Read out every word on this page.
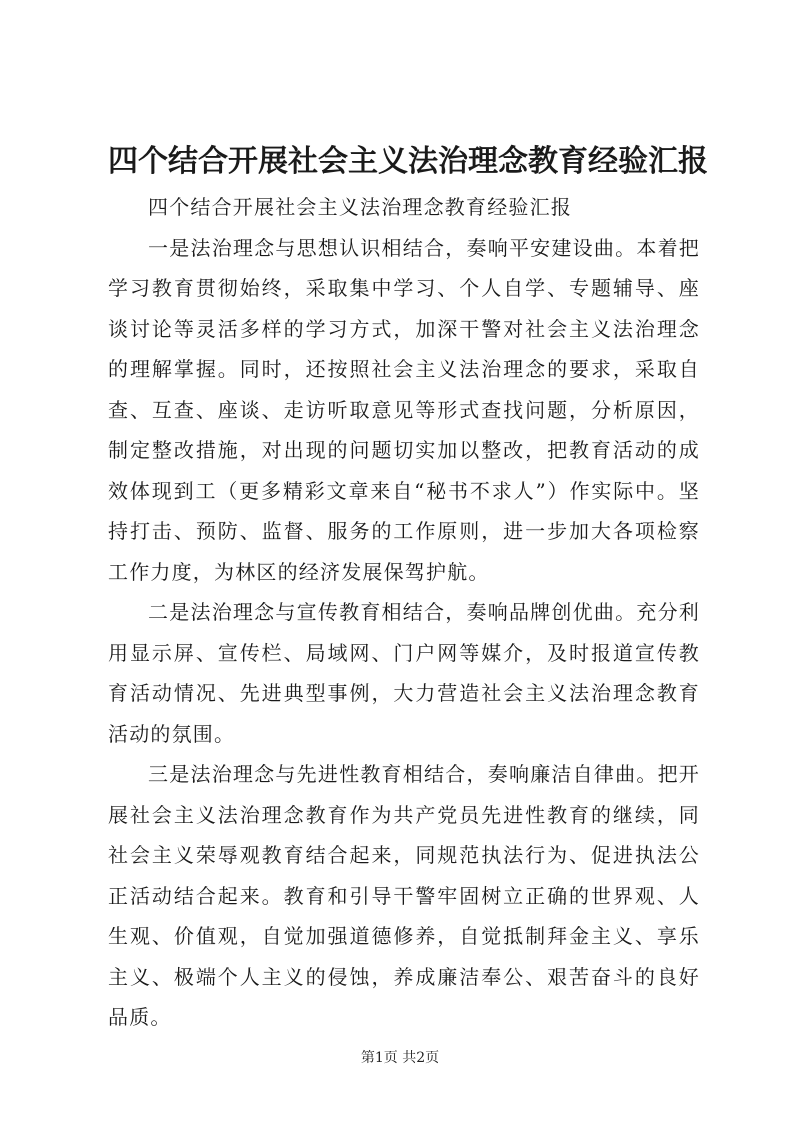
四个结合开展社会主义法治理念教育经验汇报

四个结合开展社会主义法治理念教育经验汇报

一是法治理念与思想认识相结合，奏响平安建设曲。本着把学习教育贯彻始终，采取集中学习、个人自学、专题辅导、座谈讨论等灵活多样的学习方式，加深干警对社会主义法治理念的理解掌握。同时，还按照社会主义法治理念的要求，采取自查、互查、座谈、走访听取意见等形式查找问题，分析原因，制定整改措施，对出现的问题切实加以整改，把教育活动的成效体现到工（更多精彩文章来自“秘书不求人”）作实际中。坚持打击、预防、监督、服务的工作原则，进一步加大各项检察工作力度，为林区的经济发展保驾护航。

二是法治理念与宣传教育相结合，奏响品牌创优曲。充分利用显示屏、宣传栏、局域网、门户网等媒介，及时报道宣传教育活动情况、先进典型事例，大力营造社会主义法治理念教育活动的氛围。

三是法治理念与先进性教育相结合，奏响廉洁自律曲。把开展社会主义法治理念教育作为共产党员先进性教育的继续，同社会主义荣辱观教育结合起来，同规范执法行为、促进执法公正活动结合起来。教育和引导干警牢固树立正确的世界观、人生观、价值观，自觉加强道德修养，自觉抵制拜金主义、享乐主义、极端个人主义的侵蚀，养成廉洁奉公、艰苦奋斗的良好品质。

第1页 共2页
